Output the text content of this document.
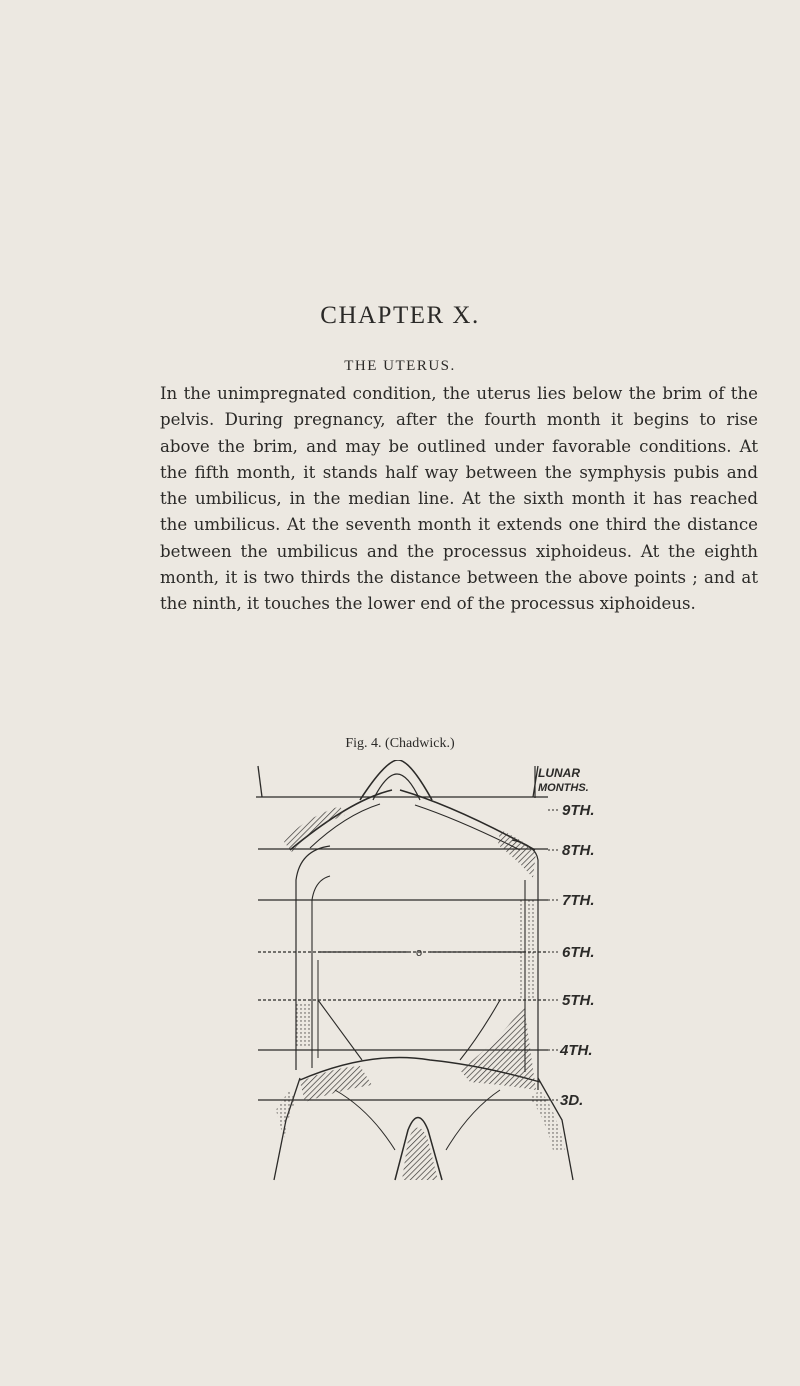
CHAPTER X.
THE UTERUS.

In the unimpregnated condition, the uterus lies below the brim of the pelvis. During pregnancy, after the fourth month it begins to rise above the brim, and may be outlined under favorable conditions. At the fifth month, it stands half way between the symphysis pubis and the umbilicus, in the median line. At the sixth month it has reached the umbilicus. At the seventh month it extends one third the distance between the umbilicus and the processus xiphoideus. At the eighth month, it is two thirds the distance between the above points ; and at the ninth, it touches the lower end of the processus xiphoideus.

Fig. 4. (Chadwick.)
o
LUNAR
MONTHS.
9TH.
8TH.
7TH.
6TH.
5TH.
4TH.
3D.
